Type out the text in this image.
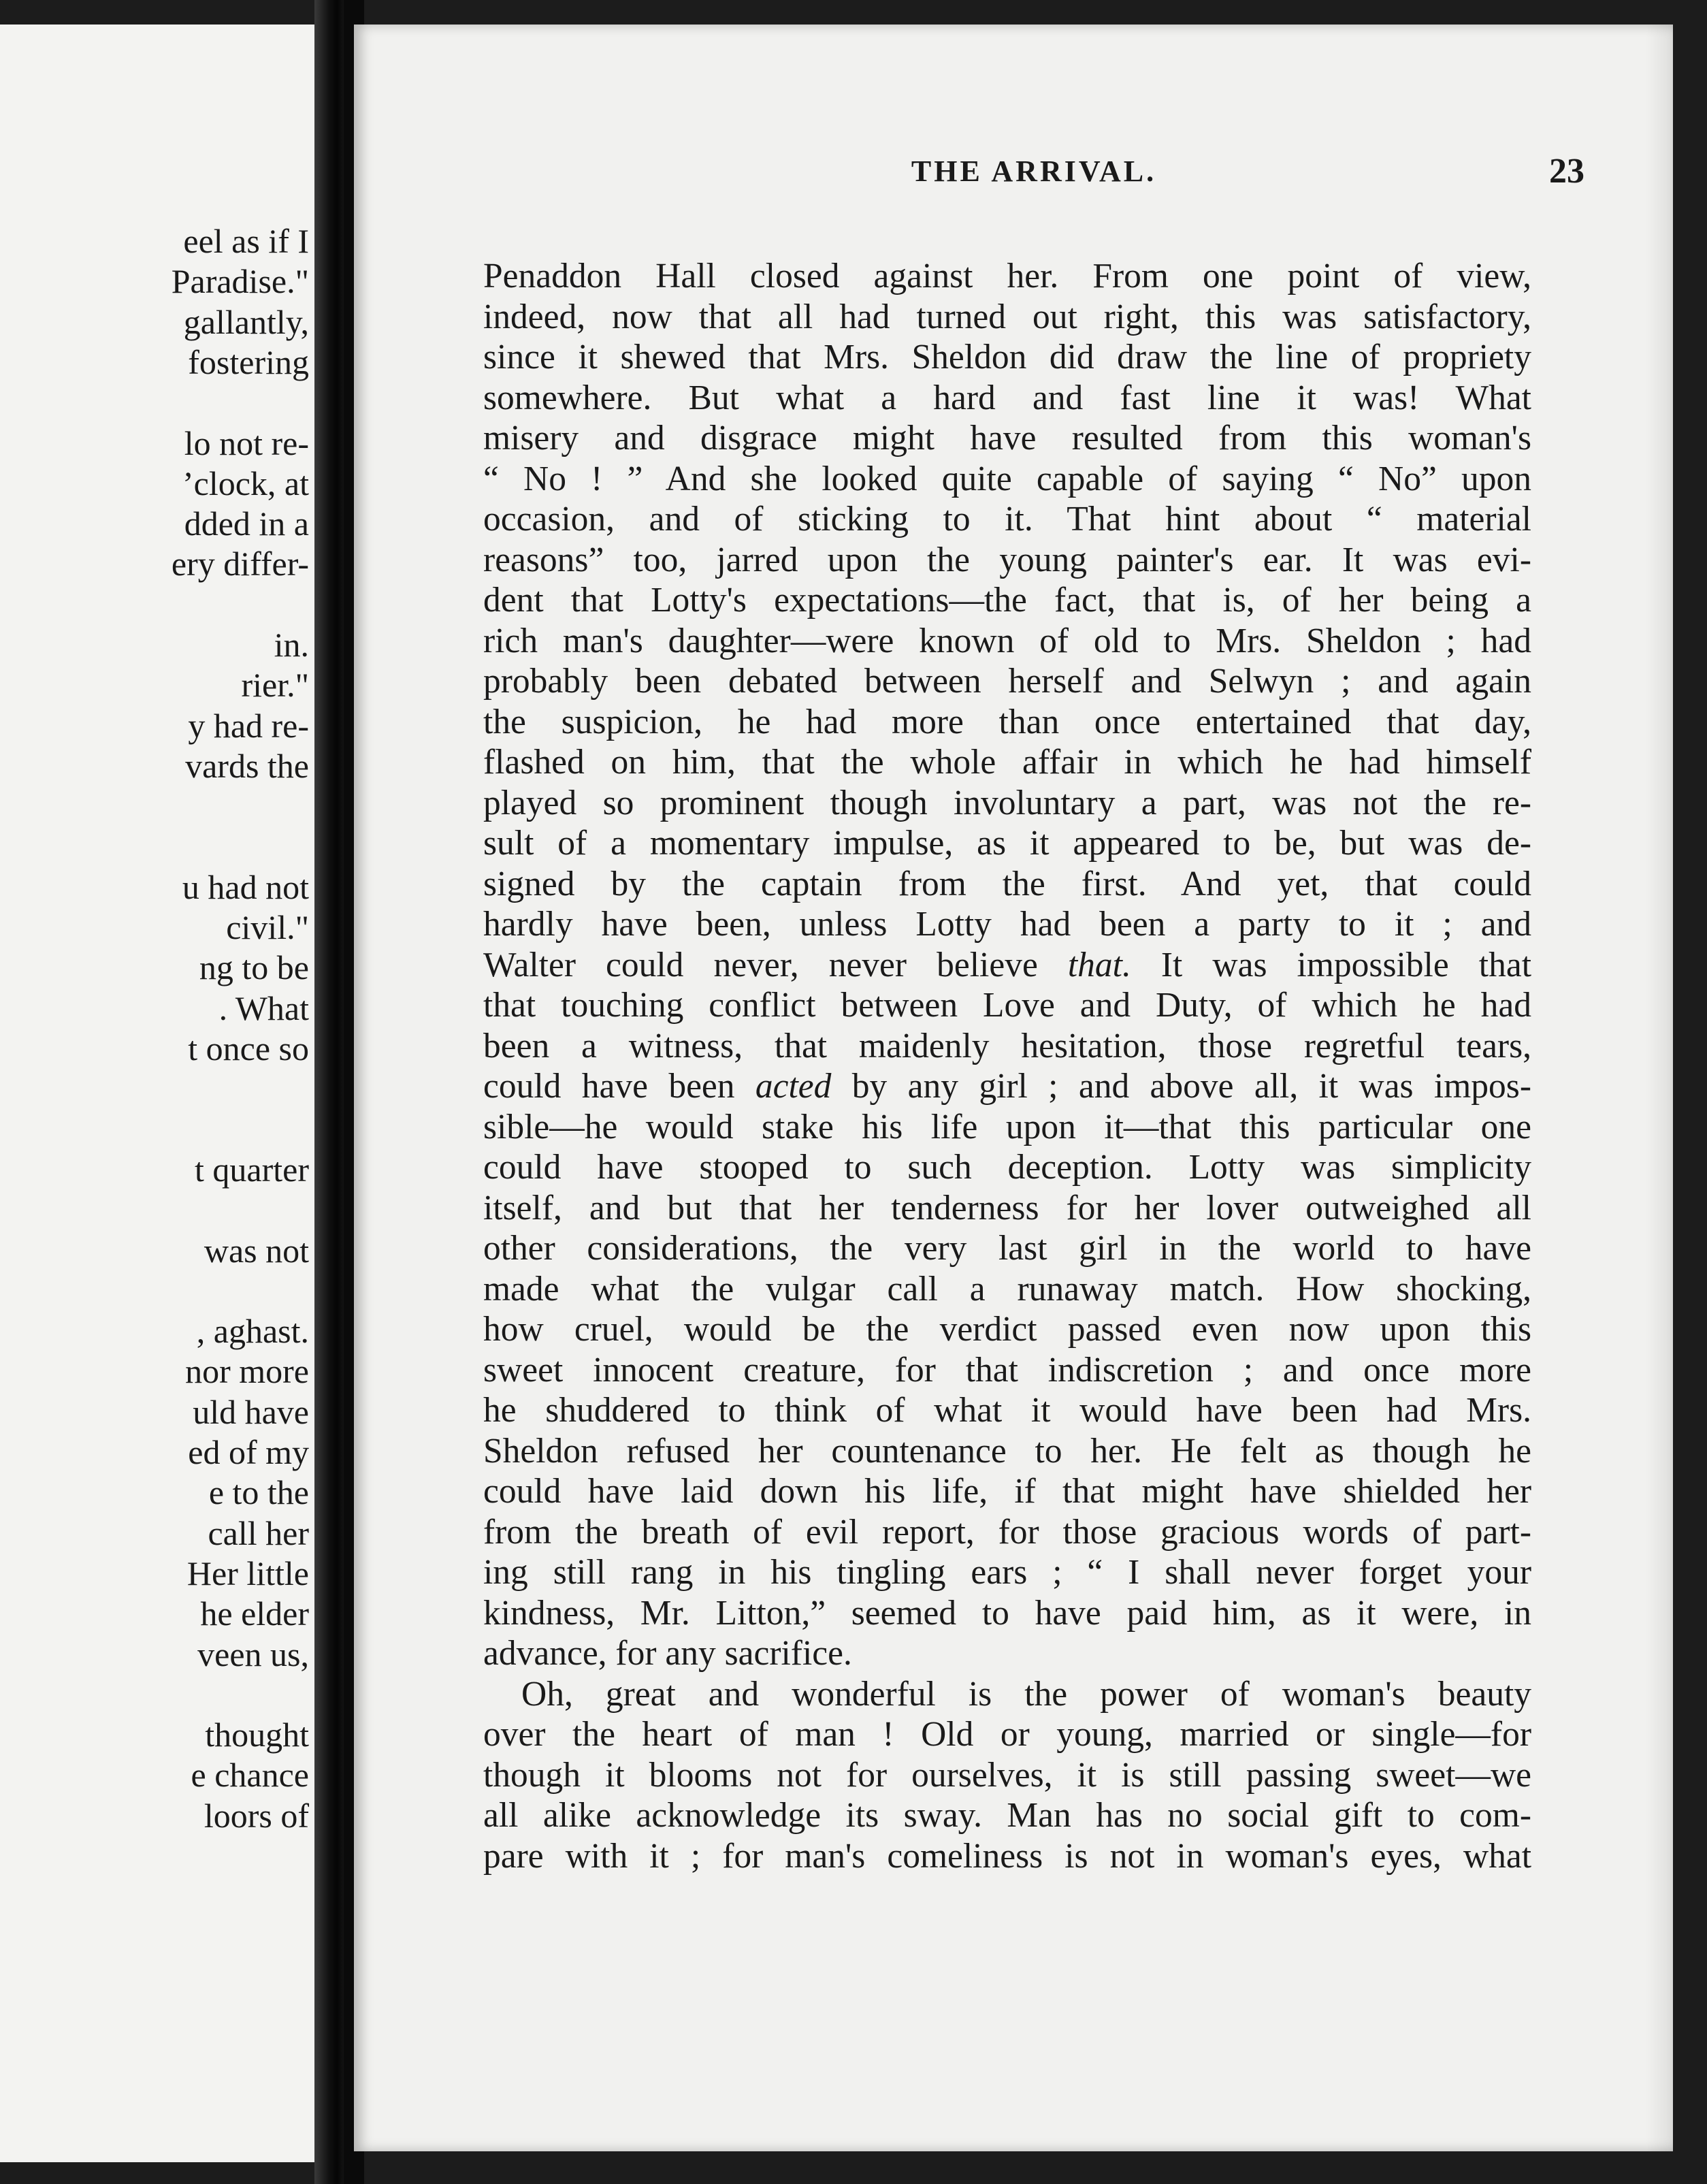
eel as if I
Paradise."
gallantly,
fostering
lo not re-
’clock, at
dded in a
ery differ-
in.
rier."
y had re-
vards the
u had not
civil."
ng to be
. What
t once so
t quarter
was not
, aghast.
nor more
uld have
ed of my
e to the
call her
Her little
he elder
veen us,
thought
e chance
loors of
THE ARRIVAL.	23
Penaddon Hall closed against her. From one point of view,
indeed, now that all had turned out right, this was satisfactory,
since it shewed that Mrs. Sheldon did draw the line of propriety
somewhere. But what a hard and fast line it was! What
misery and disgrace might have resulted from this woman's
“ No ! ” And she looked quite capable of saying “ No” upon
occasion, and of sticking to it. That hint about “ material
reasons” too, jarred upon the young painter's ear. It was evi-
dent that Lotty's expectations—the fact, that is, of her being a
rich man's daughter—were known of old to Mrs. Sheldon ; had
probably been debated between herself and Selwyn ; and again
the suspicion, he had more than once entertained that day,
flashed on him, that the whole affair in which he had himself
played so prominent though involuntary a part, was not the re-
sult of a momentary impulse, as it appeared to be, but was de-
signed by the captain from the first. And yet, that could
hardly have been, unless Lotty had been a party to it ; and
Walter could never, never believe that. It was impossible that
that touching conflict between Love and Duty, of which he had
been a witness, that maidenly hesitation, those regretful tears,
could have been acted by any girl ; and above all, it was impos-
sible—he would stake his life upon it—that this particular one
could have stooped to such deception. Lotty was simplicity
itself, and but that her tenderness for her lover outweighed all
other considerations, the very last girl in the world to have
made what the vulgar call a runaway match. How shocking,
how cruel, would be the verdict passed even now upon this
sweet innocent creature, for that indiscretion ; and once more
he shuddered to think of what it would have been had Mrs.
Sheldon refused her countenance to her. He felt as though he
could have laid down his life, if that might have shielded her
from the breath of evil report, for those gracious words of part-
ing still rang in his tingling ears ; “ I shall never forget your
kindness, Mr. Litton,” seemed to have paid him, as it were, in
advance, for any sacrifice.
Oh, great and wonderful is the power of woman's beauty
over the heart of man ! Old or young, married or single—for
though it blooms not for ourselves, it is still passing sweet—we
all alike acknowledge its sway. Man has no social gift to com-
pare with it ; for man's comeliness is not in woman's eyes, what
